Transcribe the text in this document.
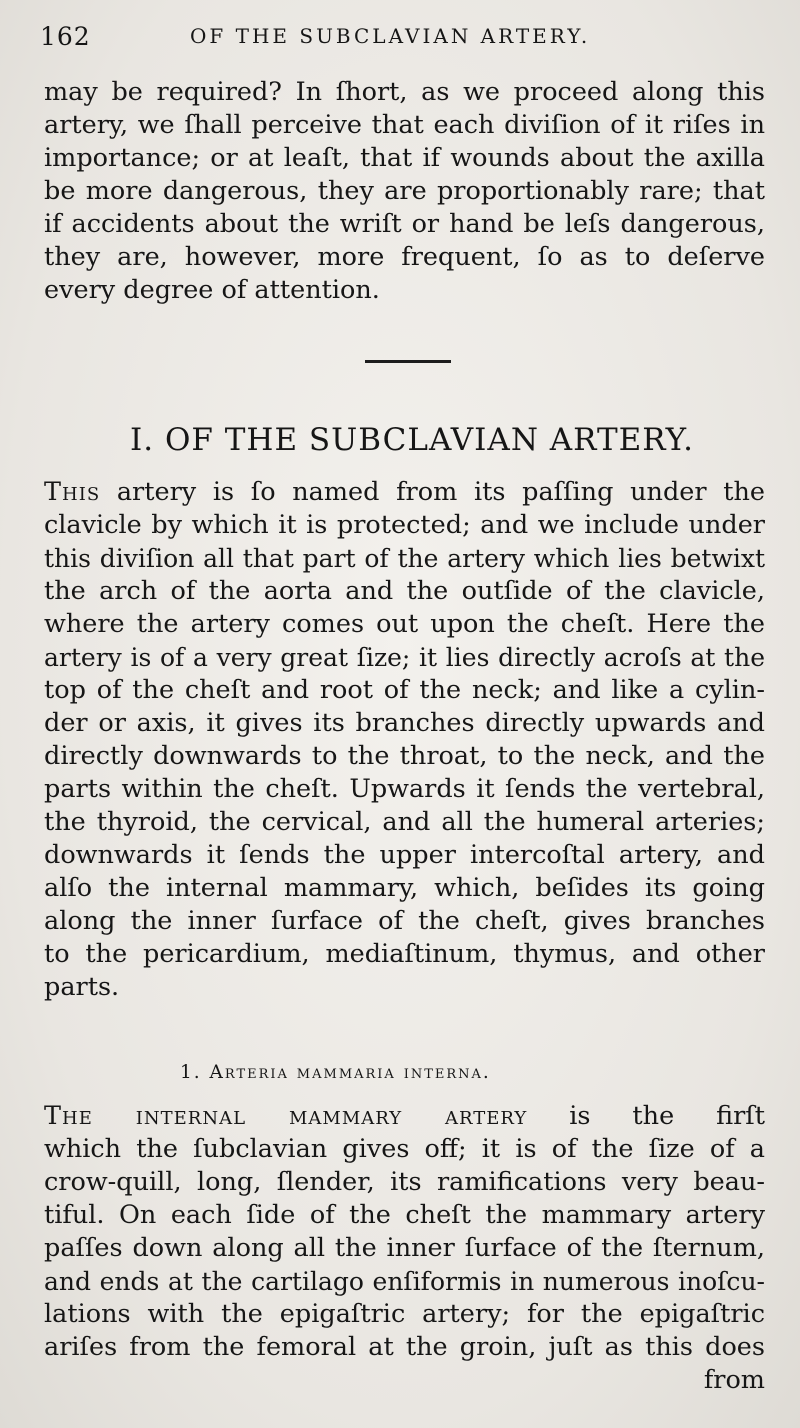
162	OF THE SUBCLAVIAN ARTERY.
may be required? In ſhort, as we proceed along this
artery, we ſhall perceive that each diviſion of it riſes in
importance; or at leaſt, that if wounds about the axilla
be more dangerous, they are proportionably rare; that
if accidents about the wriſt or hand be leſs dangerous,
they are, however, more frequent, ſo as to deſerve
every degree of attention.
I. OF THE SUBCLAVIAN ARTERY.
This artery is ſo named from its paſſing under the
clavicle by which it is protected; and we include under
this diviſion all that part of the artery which lies betwixt
the arch of the aorta and the outſide of the clavicle,
where the artery comes out upon the cheſt. Here the
artery is of a very great ſize; it lies directly acroſs at the
top of the cheſt and root of the neck; and like a cylin-
der or axis, it gives its branches directly upwards and
directly downwards to the throat, to the neck, and the
parts within the cheſt. Upwards it ſends the vertebral,
the thyroid, the cervical, and all the humeral arteries;
downwards it ſends the upper intercoſtal artery, and
alſo the internal mammary, which, beſides its going
along the inner ſurface of the cheſt, gives branches
to the pericardium, mediaſtinum, thymus, and other
parts.
1. Arteria mammaria interna.
The internal mammary artery is the firſt
which the ſubclavian gives off; it is of the ſize of a
crow-quill, long, ſlender, its ramifications very beau-
tiful. On each ſide of the cheſt the mammary artery
paſſes down along all the inner ſurface of the ſternum,
and ends at the cartilago enſiformis in numerous inoſcu-
lations with the epigaſtric artery; for the epigaſtric
ariſes from the femoral at the groin, juſt as this does
from
